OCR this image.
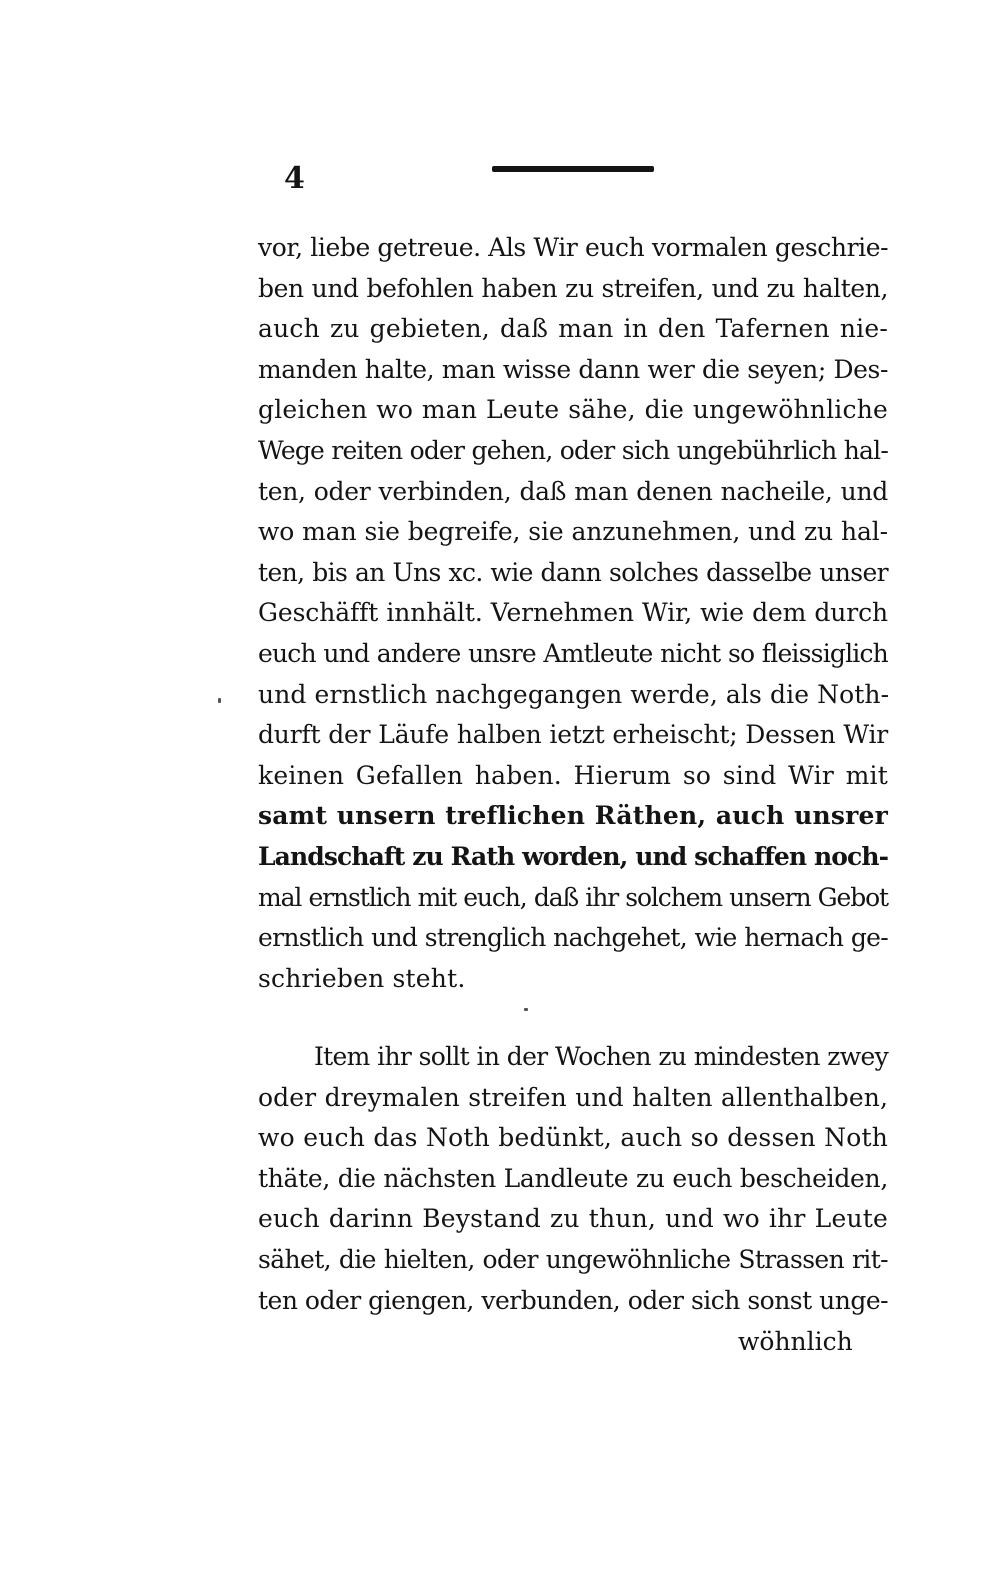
4
vor, liebe getreue. Als Wir euch vormalen geschrie-
ben und befohlen haben zu streifen, und zu halten,
auch zu gebieten, daß man in den Tafernen nie-
manden halte, man wisse dann wer die seyen; Des-
gleichen wo man Leute sähe, die ungewöhnliche
Wege reiten oder gehen, oder sich ungebührlich hal-
ten, oder verbinden, daß man denen nacheile, und
wo man sie begreife, sie anzunehmen, und zu hal-
ten, bis an Uns xc. wie dann solches dasselbe unser
Geschäfft innhält. Vernehmen Wir, wie dem durch
euch und andere unsre Amtleute nicht so fleissiglich
und ernstlich nachgegangen werde, als die Noth-
durft der Läufe halben ietzt erheischt; Dessen Wir
keinen Gefallen haben. Hierum so sind Wir mit
samt unsern treflichen Räthen, auch unsrer
Landschaft zu Rath worden, und schaffen noch-
mal ernstlich mit euch, daß ihr solchem unsern Gebot
ernstlich und strenglich nachgehet, wie hernach ge-
schrieben steht.
Item ihr sollt in der Wochen zu mindesten zwey
oder dreymalen streifen und halten allenthalben,
wo euch das Noth bedünkt, auch so dessen Noth
thäte, die nächsten Landleute zu euch bescheiden,
euch darinn Beystand zu thun, und wo ihr Leute
sähet, die hielten, oder ungewöhnliche Strassen rit-
ten oder giengen, verbunden, oder sich sonst unge-
wöhnlich
